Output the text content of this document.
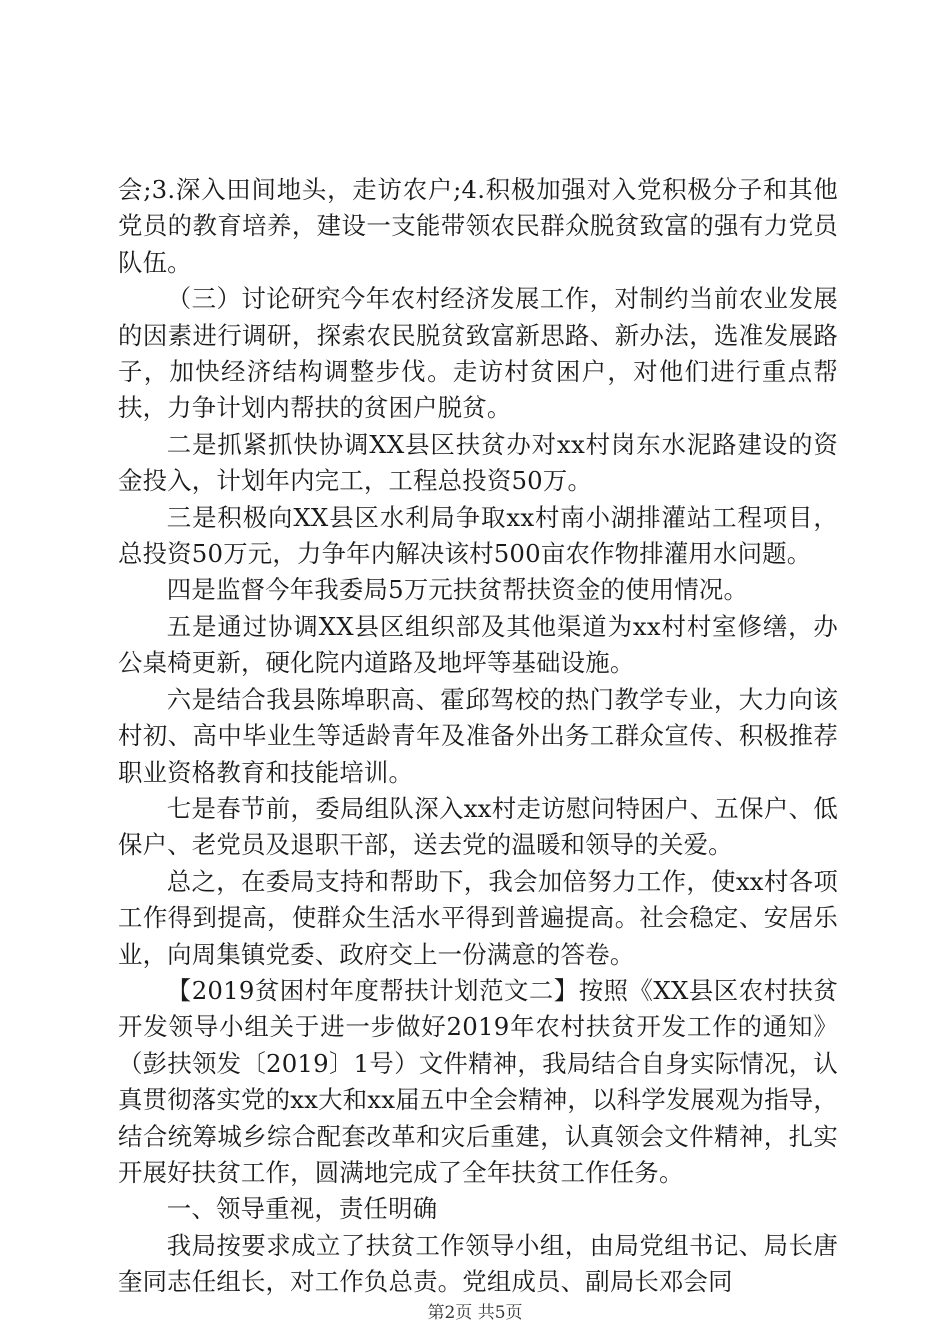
会;3.深入田间地头，走访农户;4.积极加强对入党积极分子和其他党员的教育培养，建设一支能带领农民群众脱贫致富的强有力党员队伍。

（三）讨论研究今年农村经济发展工作，对制约当前农业发展的因素进行调研，探索农民脱贫致富新思路、新办法，选准发展路子，加快经济结构调整步伐。走访村贫困户，对他们进行重点帮扶，力争计划内帮扶的贫困户脱贫。

二是抓紧抓快协调XX县区扶贫办对xx村岗东水泥路建设的资金投入，计划年内完工，工程总投资50万。

三是积极向XX县区水利局争取xx村南小湖排灌站工程项目，总投资50万元，力争年内解决该村500亩农作物排灌用水问题。

四是监督今年我委局5万元扶贫帮扶资金的使用情况。

五是通过协调XX县区组织部及其他渠道为xx村村室修缮，办公桌椅更新，硬化院内道路及地坪等基础设施。

六是结合我县陈埠职高、霍邱驾校的热门教学专业，大力向该村初、高中毕业生等适龄青年及准备外出务工群众宣传、积极推荐职业资格教育和技能培训。

七是春节前，委局组队深入xx村走访慰问特困户、五保户、低保户、老党员及退职干部，送去党的温暖和领导的关爱。

总之，在委局支持和帮助下，我会加倍努力工作，使xx村各项工作得到提高，使群众生活水平得到普遍提高。社会稳定、安居乐业，向周集镇党委、政府交上一份满意的答卷。

【2019贫困村年度帮扶计划范文二】按照《XX县区农村扶贫开发领导小组关于进一步做好2019年农村扶贫开发工作的通知》（彭扶领发〔2019〕1号）文件精神，我局结合自身实际情况，认真贯彻落实党的xx大和xx届五中全会精神，以科学发展观为指导，结合统筹城乡综合配套改革和灾后重建，认真领会文件精神，扎实开展好扶贫工作，圆满地完成了全年扶贫工作任务。

一、领导重视，责任明确

我局按要求成立了扶贫工作领导小组，由局党组书记、局长唐奎同志任组长，对工作负总责。党组成员、副局长邓会同

第2页 共5页
